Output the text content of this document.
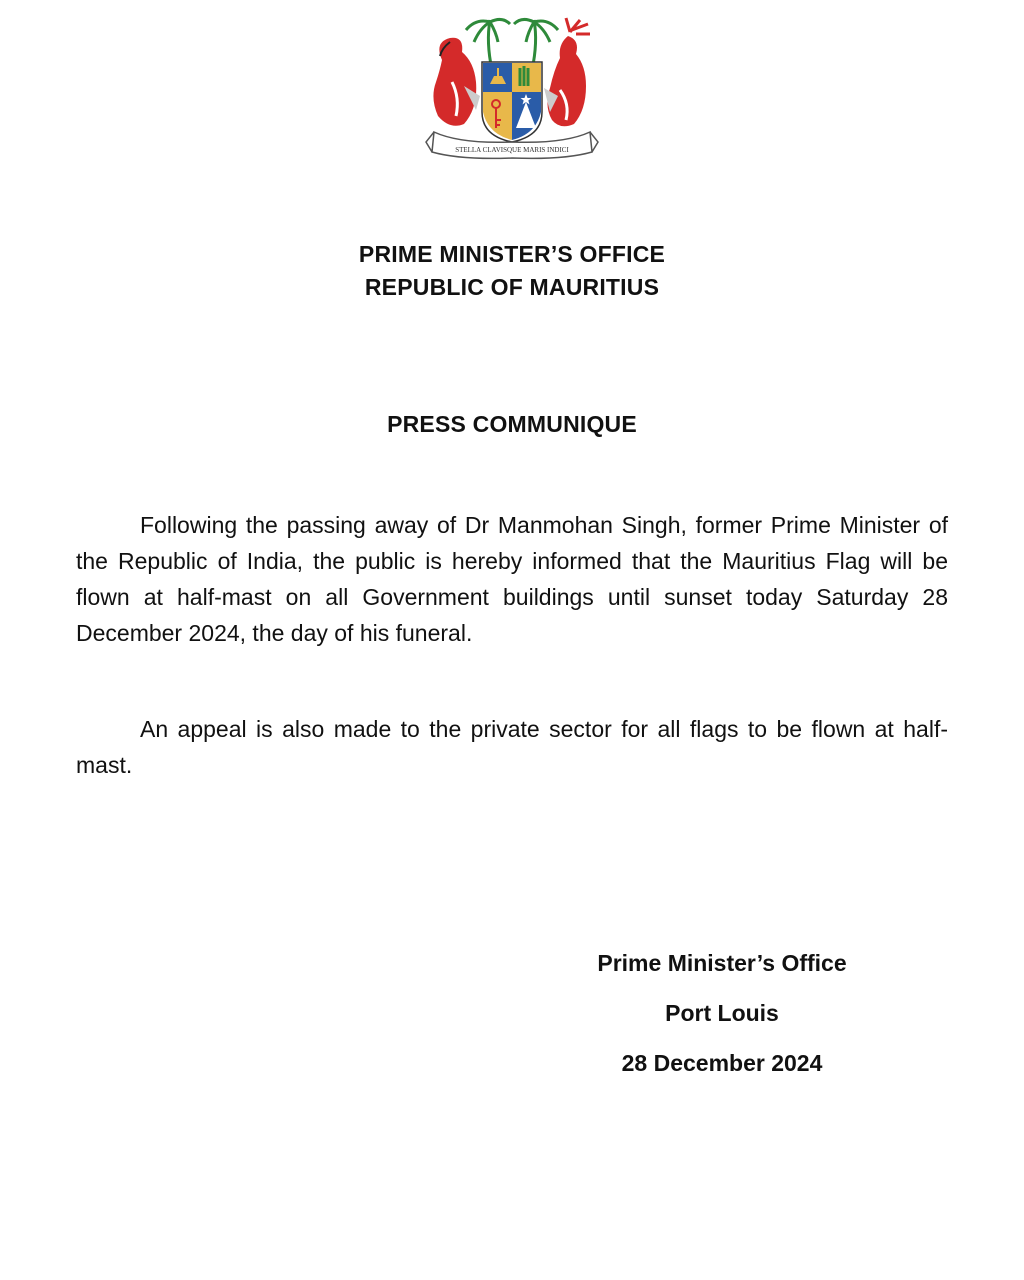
STELLA CLAVISQUE MARIS INDICI
PRIME MINISTER’S OFFICE
REPUBLIC OF MAURITIUS
PRESS COMMUNIQUE

Following the passing away of Dr Manmohan Singh, former Prime Minister of the Republic of India, the public is hereby informed that the Mauritius Flag will be flown at half-mast on all Government buildings until sunset today Saturday 28 December 2024, the day of his funeral.

An appeal is also made to the private sector for all flags to be flown at half-mast.

Prime Minister’s Office
Port Louis
28 December 2024
